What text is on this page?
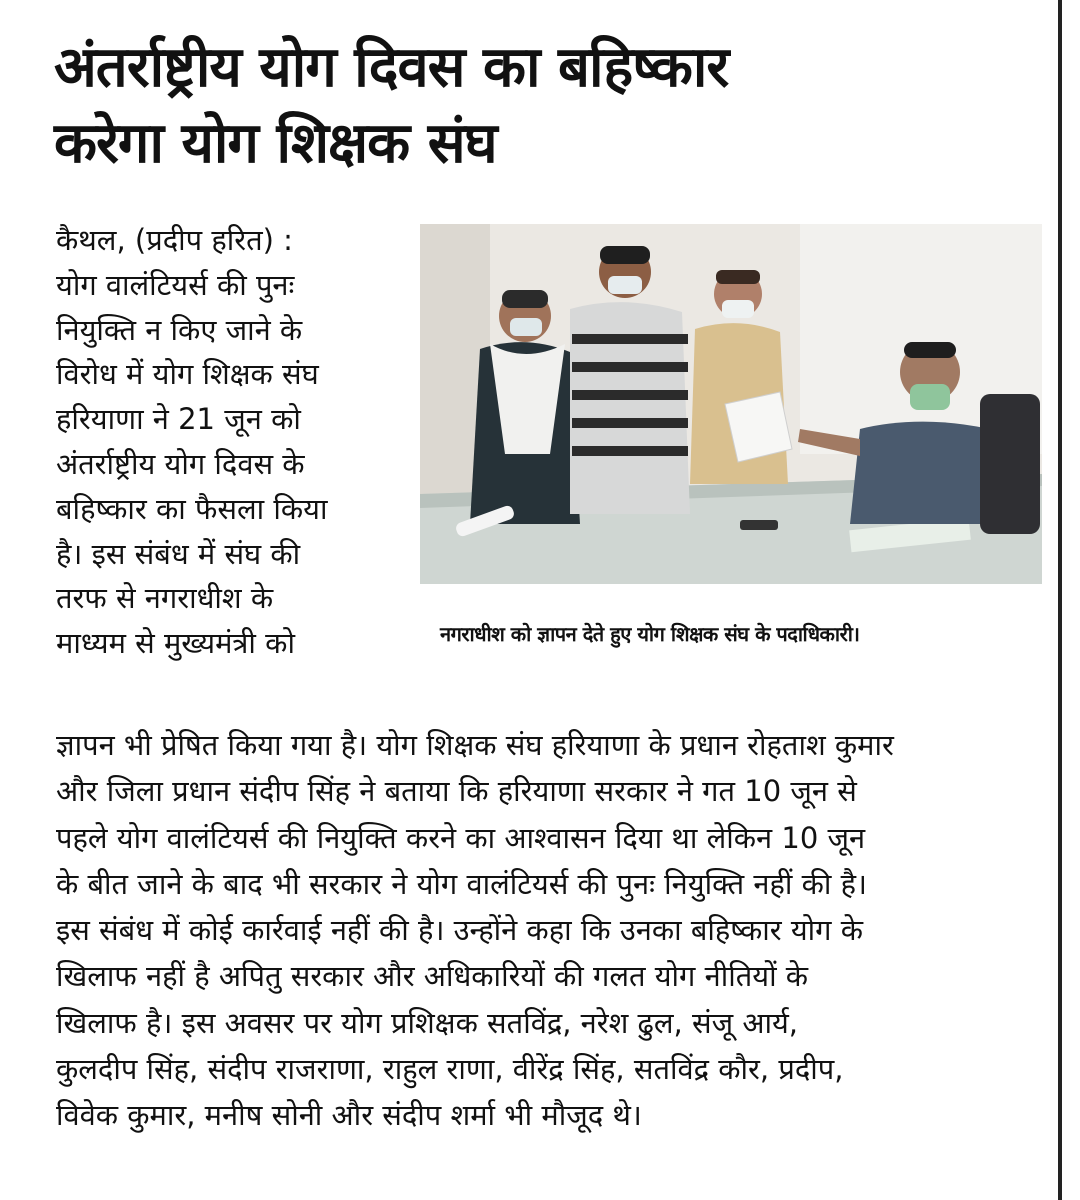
अंतर्राष्ट्रीय योग दिवस का बहिष्कार
करेगा योग शिक्षक संघ
कैथल, (प्रदीप हरित) :
योग वालंटियर्स की पुनः
नियुक्ति न किए जाने के
विरोध में योग शिक्षक संघ
हरियाणा ने 21 जून को
अंतर्राष्ट्रीय योग दिवस के
बहिष्कार का फैसला किया
है। इस संबंध में संघ की
तरफ से नगराधीश के
माध्यम से मुख्यमंत्री को	नगराधीश को ज्ञापन देते हुए योग शिक्षक संघ के पदाधिकारी।
ज्ञापन भी प्रेषित किया गया है। योग शिक्षक संघ हरियाणा के प्रधान रोहताश कुमार
और जिला प्रधान संदीप सिंह ने बताया कि हरियाणा सरकार ने गत 10 जून से
पहले योग वालंटियर्स की नियुक्ति करने का आश्वासन दिया था लेकिन 10 जून
के बीत जाने के बाद भी सरकार ने योग वालंटियर्स की पुनः नियुक्ति नहीं की है।
इस संबंध में कोई कार्रवाई नहीं की है। उन्होंने कहा कि उनका बहिष्कार योग के
खिलाफ नहीं है अपितु सरकार और अधिकारियों की गलत योग नीतियों के
खिलाफ है। इस अवसर पर योग प्रशिक्षक सतविंद्र, नरेश ढुल, संजू आर्य,
कुलदीप सिंह, संदीप राजराणा, राहुल राणा, वीरेंद्र सिंह, सतविंद्र कौर, प्रदीप,
विवेक कुमार, मनीष सोनी और संदीप शर्मा भी मौजूद थे।
